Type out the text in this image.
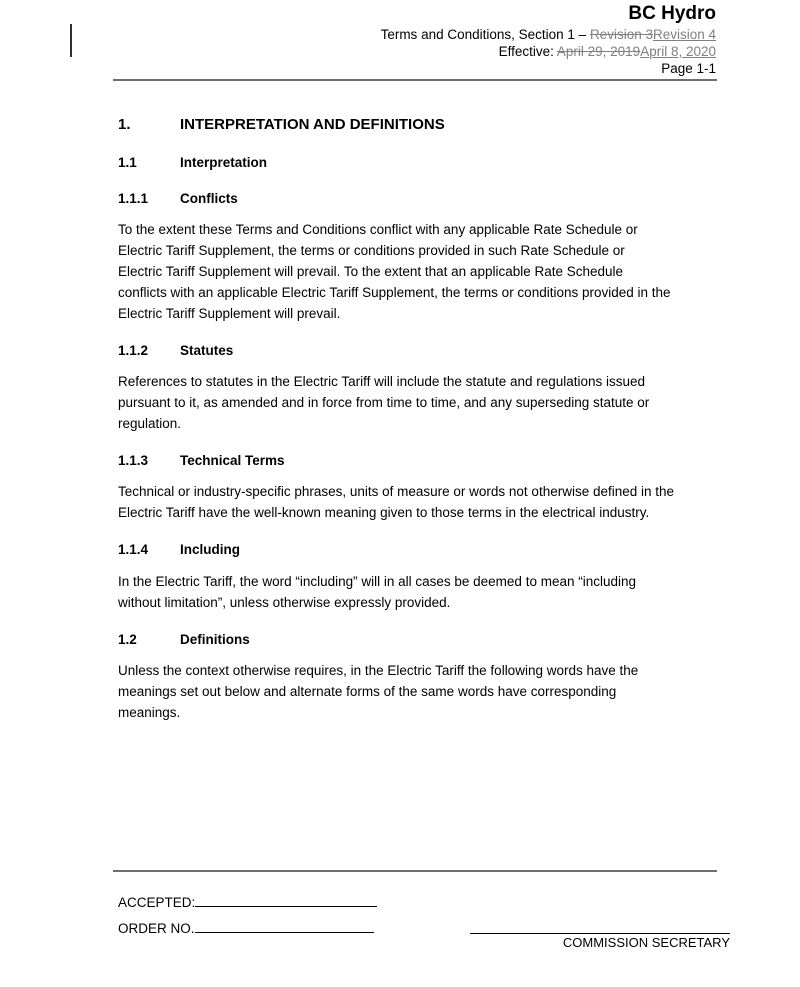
BC Hydro
Terms and Conditions, Section 1 – Revision 3Revision 4
Effective: April 29, 2019April 8, 2020
Page 1-1
1.	INTERPRETATION AND DEFINITIONS
1.1	Interpretation
1.1.1	Conflicts
To the extent these Terms and Conditions conflict with any applicable Rate Schedule or
Electric Tariff Supplement, the terms or conditions provided in such Rate Schedule or
Electric Tariff Supplement will prevail. To the extent that an applicable Rate Schedule
conflicts with an applicable Electric Tariff Supplement, the terms or conditions provided in the
Electric Tariff Supplement will prevail.
1.1.2	Statutes
References to statutes in the Electric Tariff will include the statute and regulations issued
pursuant to it, as amended and in force from time to time, and any superseding statute or
regulation.
1.1.3	Technical Terms
Technical or industry-specific phrases, units of measure or words not otherwise defined in the
Electric Tariff have the well-known meaning given to those terms in the electrical industry.
1.1.4	Including
In the Electric Tariff, the word “including” will in all cases be deemed to mean “including
without limitation”, unless otherwise expressly provided.
1.2	Definitions
Unless the context otherwise requires, in the Electric Tariff the following words have the
meanings set out below and alternate forms of the same words have corresponding
meanings.
ACCEPTED:
ORDER NO.
COMMISSION SECRETARY
